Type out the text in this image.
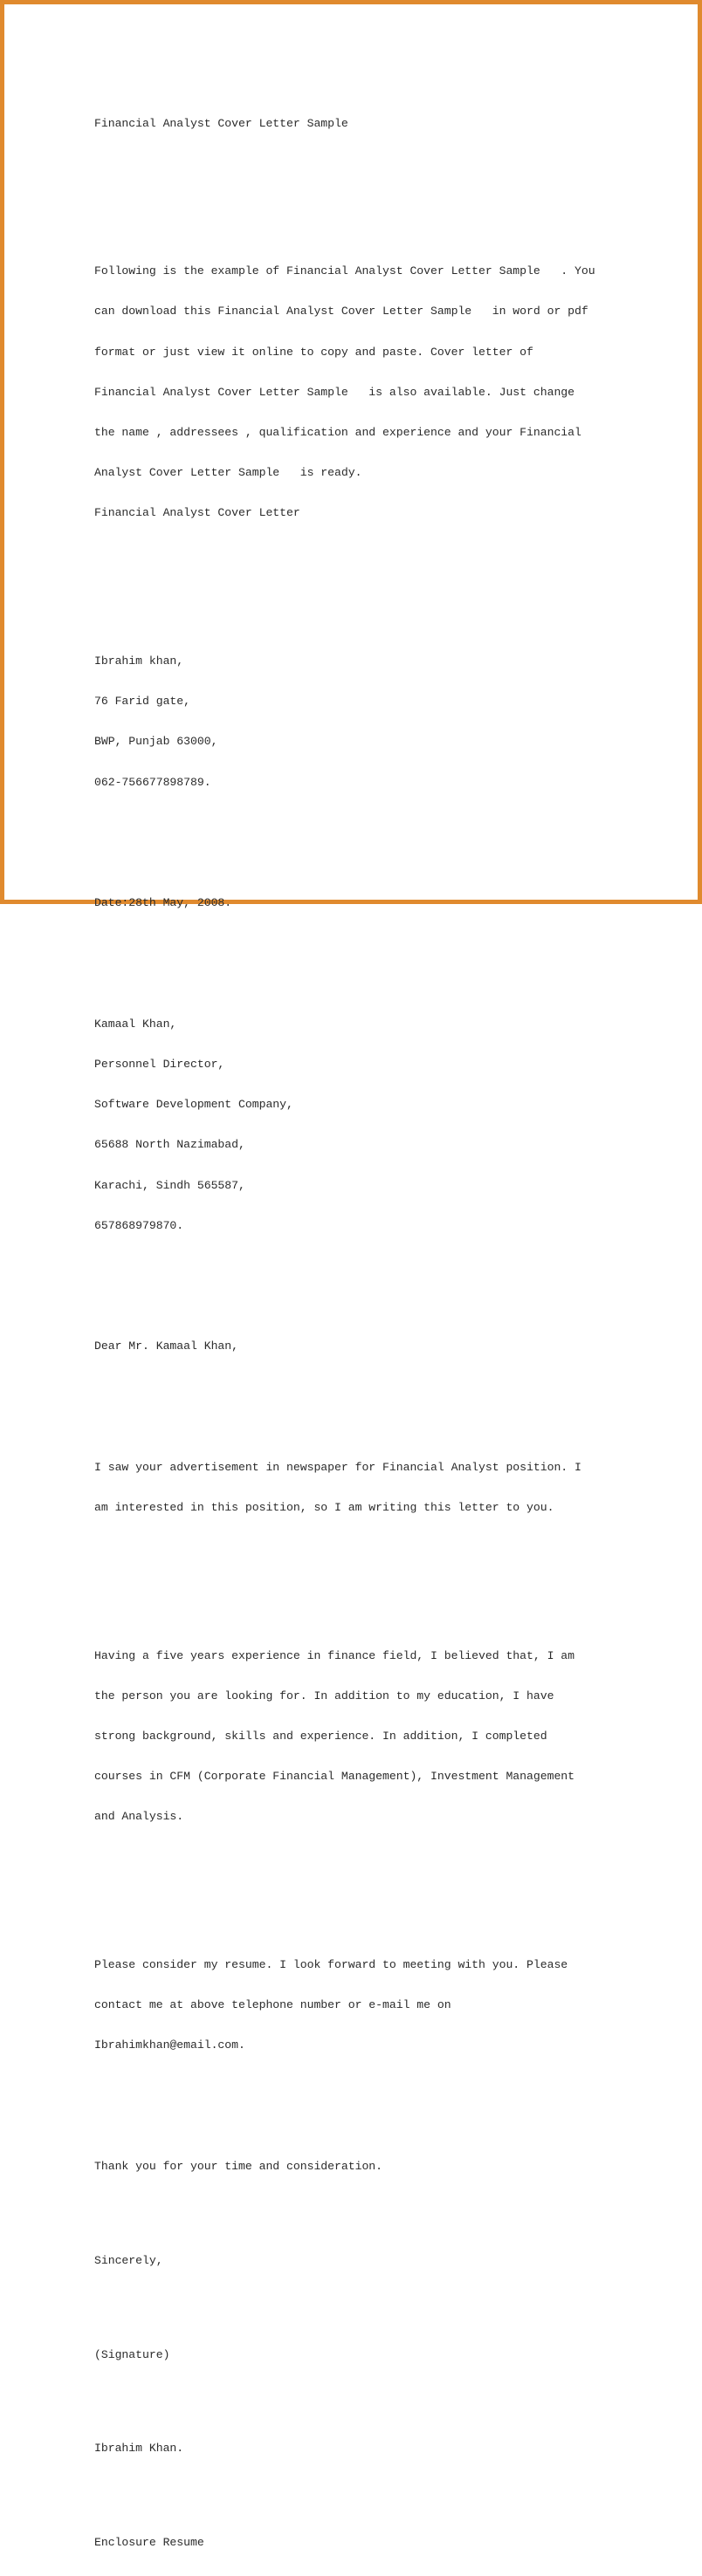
Financial Analyst Cover Letter Sample

Following is the example of Financial Analyst Cover Letter Sample   . You

can download this Financial Analyst Cover Letter Sample   in word or pdf

format or just view it online to copy and paste. Cover letter of

Financial Analyst Cover Letter Sample   is also available. Just change

the name , addressees , qualification and experience and your Financial

Analyst Cover Letter Sample   is ready.

Financial Analyst Cover Letter

Ibrahim khan,

76 Farid gate,

BWP, Punjab 63000,

062-756677898789.

Date:28th May, 2008.

Kamaal Khan,

Personnel Director,

Software Development Company,

65688 North Nazimabad,

Karachi, Sindh 565587,

657868979870.

Dear Mr. Kamaal Khan,

I saw your advertisement in newspaper for Financial Analyst position. I

am interested in this position, so I am writing this letter to you.

Having a five years experience in finance field, I believed that, I am

the person you are looking for. In addition to my education, I have

strong background, skills and experience. In addition, I completed

courses in CFM (Corporate Financial Management), Investment Management

and Analysis.

Please consider my resume. I look forward to meeting with you. Please

contact me at above telephone number or e-mail me on

Ibrahimkhan@email.com.

Thank you for your time and consideration.

Sincerely,

(Signature)

Ibrahim Khan.

Enclosure Resume
